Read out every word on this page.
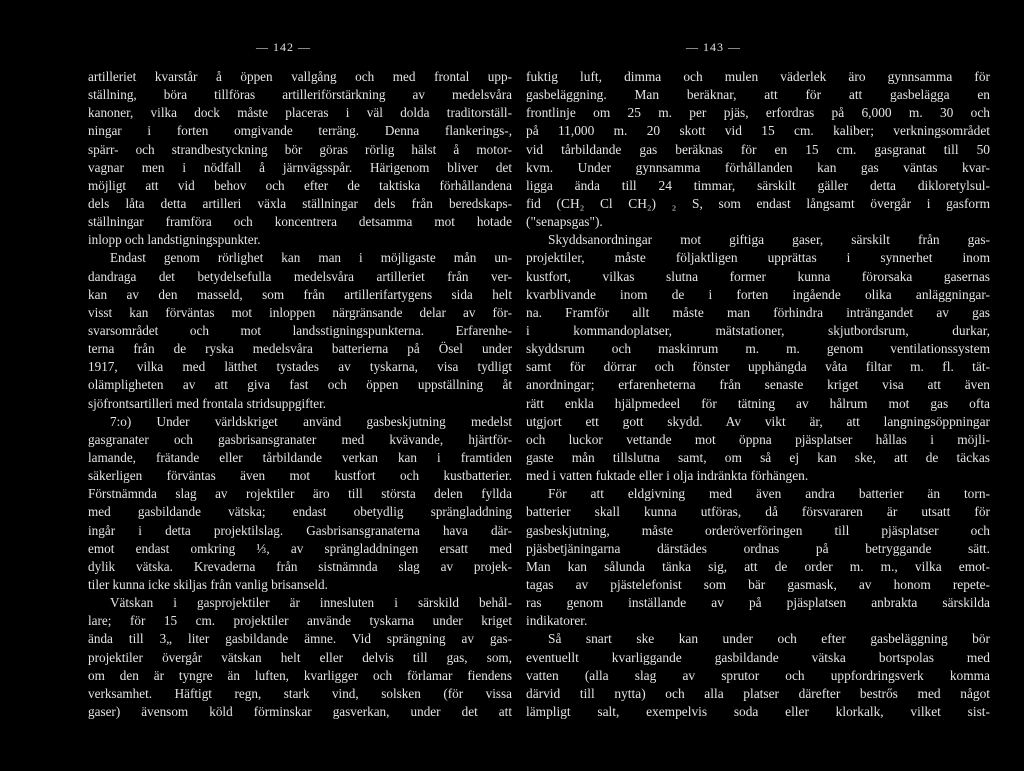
— 142 —
artilleriet kvarstår å öppen vallgång och med frontal upp-
ställning, böra tillföras artilleriförstärkning av medelsvåra
kanoner, vilka dock måste placeras i väl dolda traditorställ-
ningar i forten omgivande terräng. Denna flankerings-,
spärr- och strandbestyckning bör göras rörlig hälst å motor-
vagnar men i nödfall å järnvägsspår. Härigenom bliver det
möjligt att vid behov och efter de taktiska förhållandena
dels låta detta artilleri växla ställningar dels från beredskaps-
ställningar framföra och koncentrera detsamma mot hotade
inlopp och landstigningspunkter.
Endast genom rörlighet kan man i möjligaste mån un-
dandraga det betydelsefulla medelsvåra artilleriet från ver-
kan av den masseld, som från artillerifartygens sida helt
visst kan förväntas mot inloppen närgränsande delar av för-
svarsområdet och mot landsstigningspunkterna. Erfarenhe-
terna från de ryska medelsvåra batterierna på Ösel under
1917, vilka med lätthet tystades av tyskarna, visa tydligt
olämpligheten av att giva fast och öppen uppställning åt
sjöfrontsartilleri med frontala stridsuppgifter.
7:o) Under världskriget använd gasbeskjutning medelst
gasgranater och gasbrisansgranater med kvävande, hjärtför-
lamande, frätande eller tårbildande verkan kan i framtiden
säkerligen förväntas även mot kustfort och kustbatterier.
Förstnämnda slag av rojektiler äro till största delen fyllda
med gasbildande vätska; endast obetydlig sprängladdning
ingår i detta projektilslag. Gasbrisansgranaterna hava där-
emot endast omkring ⅓, av sprängladdningen ersatt med
dylik vätska. Krevaderna från sistnämnda slag av projek-
tiler kunna icke skiljas från vanlig brisanseld.
Vätskan i gasprojektiler är innesluten i särskild behål-
lare; för 15 cm. projektiler använde tyskarna under kriget
ända till 3„ liter gasbildande ämne. Vid sprängning av gas-
projektiler övergår vätskan helt eller delvis till gas, som,
om den är tyngre än luften, kvarligger och förlamar fiendens
verksamhet. Häftigt regn, stark vind, solsken (för vissa
gaser) ävensom köld förminskar gasverkan, under det att
— 143 —
fuktig luft, dimma och mulen väderlek äro gynnsamma för
gasbeläggning. Man beräknar, att för att gasbelägga en
frontlinje om 25 m. per pjäs, erfordras på 6,000 m. 30 och
på 11,000 m. 20 skott vid 15 cm. kaliber; verkningsområdet
vid tårbildande gas beräknas för en 15 cm. gasgranat till 50
kvm. Under gynnsamma förhållanden kan gas väntas kvar-
ligga ända till 24 timmar, särskilt gäller detta dikloretylsul-
fid (CH₂ Cl CH₂) ₂ S, som endast långsamt övergår i gasform
("senapsgas").
Skyddsanordningar mot giftiga gaser, särskilt från gas-
projektiler, måste följaktligen upprättas i synnerhet inom
kustfort, vilkas slutna former kunna förorsaka gasernas
kvarblivande inom de i forten ingående olika anläggningar-
na. Framför allt måste man förhindra inträngandet av gas
i kommandoplatser, mätstationer, skjutbordsrum, durkar,
skyddsrum och maskinrum m. m. genom ventilationssystem
samt för dörrar och fönster upphängda våta filtar m. fl. tät-
anordningar; erfarenheterna från senaste kriget visa att även
rätt enkla hjälpmedeel för tätning av hålrum mot gas ofta
utgjort ett gott skydd. Av vikt är, att langningsöppningar
och luckor vettande mot öppna pjäsplatser hållas i möjli-
gaste mån tillslutna samt, om så ej kan ske, att de täckas
med i vatten fuktade eller i olja indränkta förhängen.
För att eldgivning med även andra batterier än torn-
batterier skall kunna utföras, då försvararen är utsatt för
gasbeskjutning, måste orderöverföringen till pjäsplatser och
pjäsbetjäningarna därstädes ordnas på betryggande sätt.
Man kan sålunda tänka sig, att de order m. m., vilka emot-
tagas av pjästelefonist som bär gasmask, av honom repete-
ras genom inställande av på pjäsplatsen anbrakta särskilda
indikatorer.
Så snart ske kan under och efter gasbeläggning bör
eventuellt kvarliggande gasbildande vätska bortspolas med
vatten (alla slag av sprutor och uppfordringsverk komma
därvid till nytta) och alla platser därefter bestrős med något
lämpligt salt, exempelvis soda eller klorkalk, vilket sist-
